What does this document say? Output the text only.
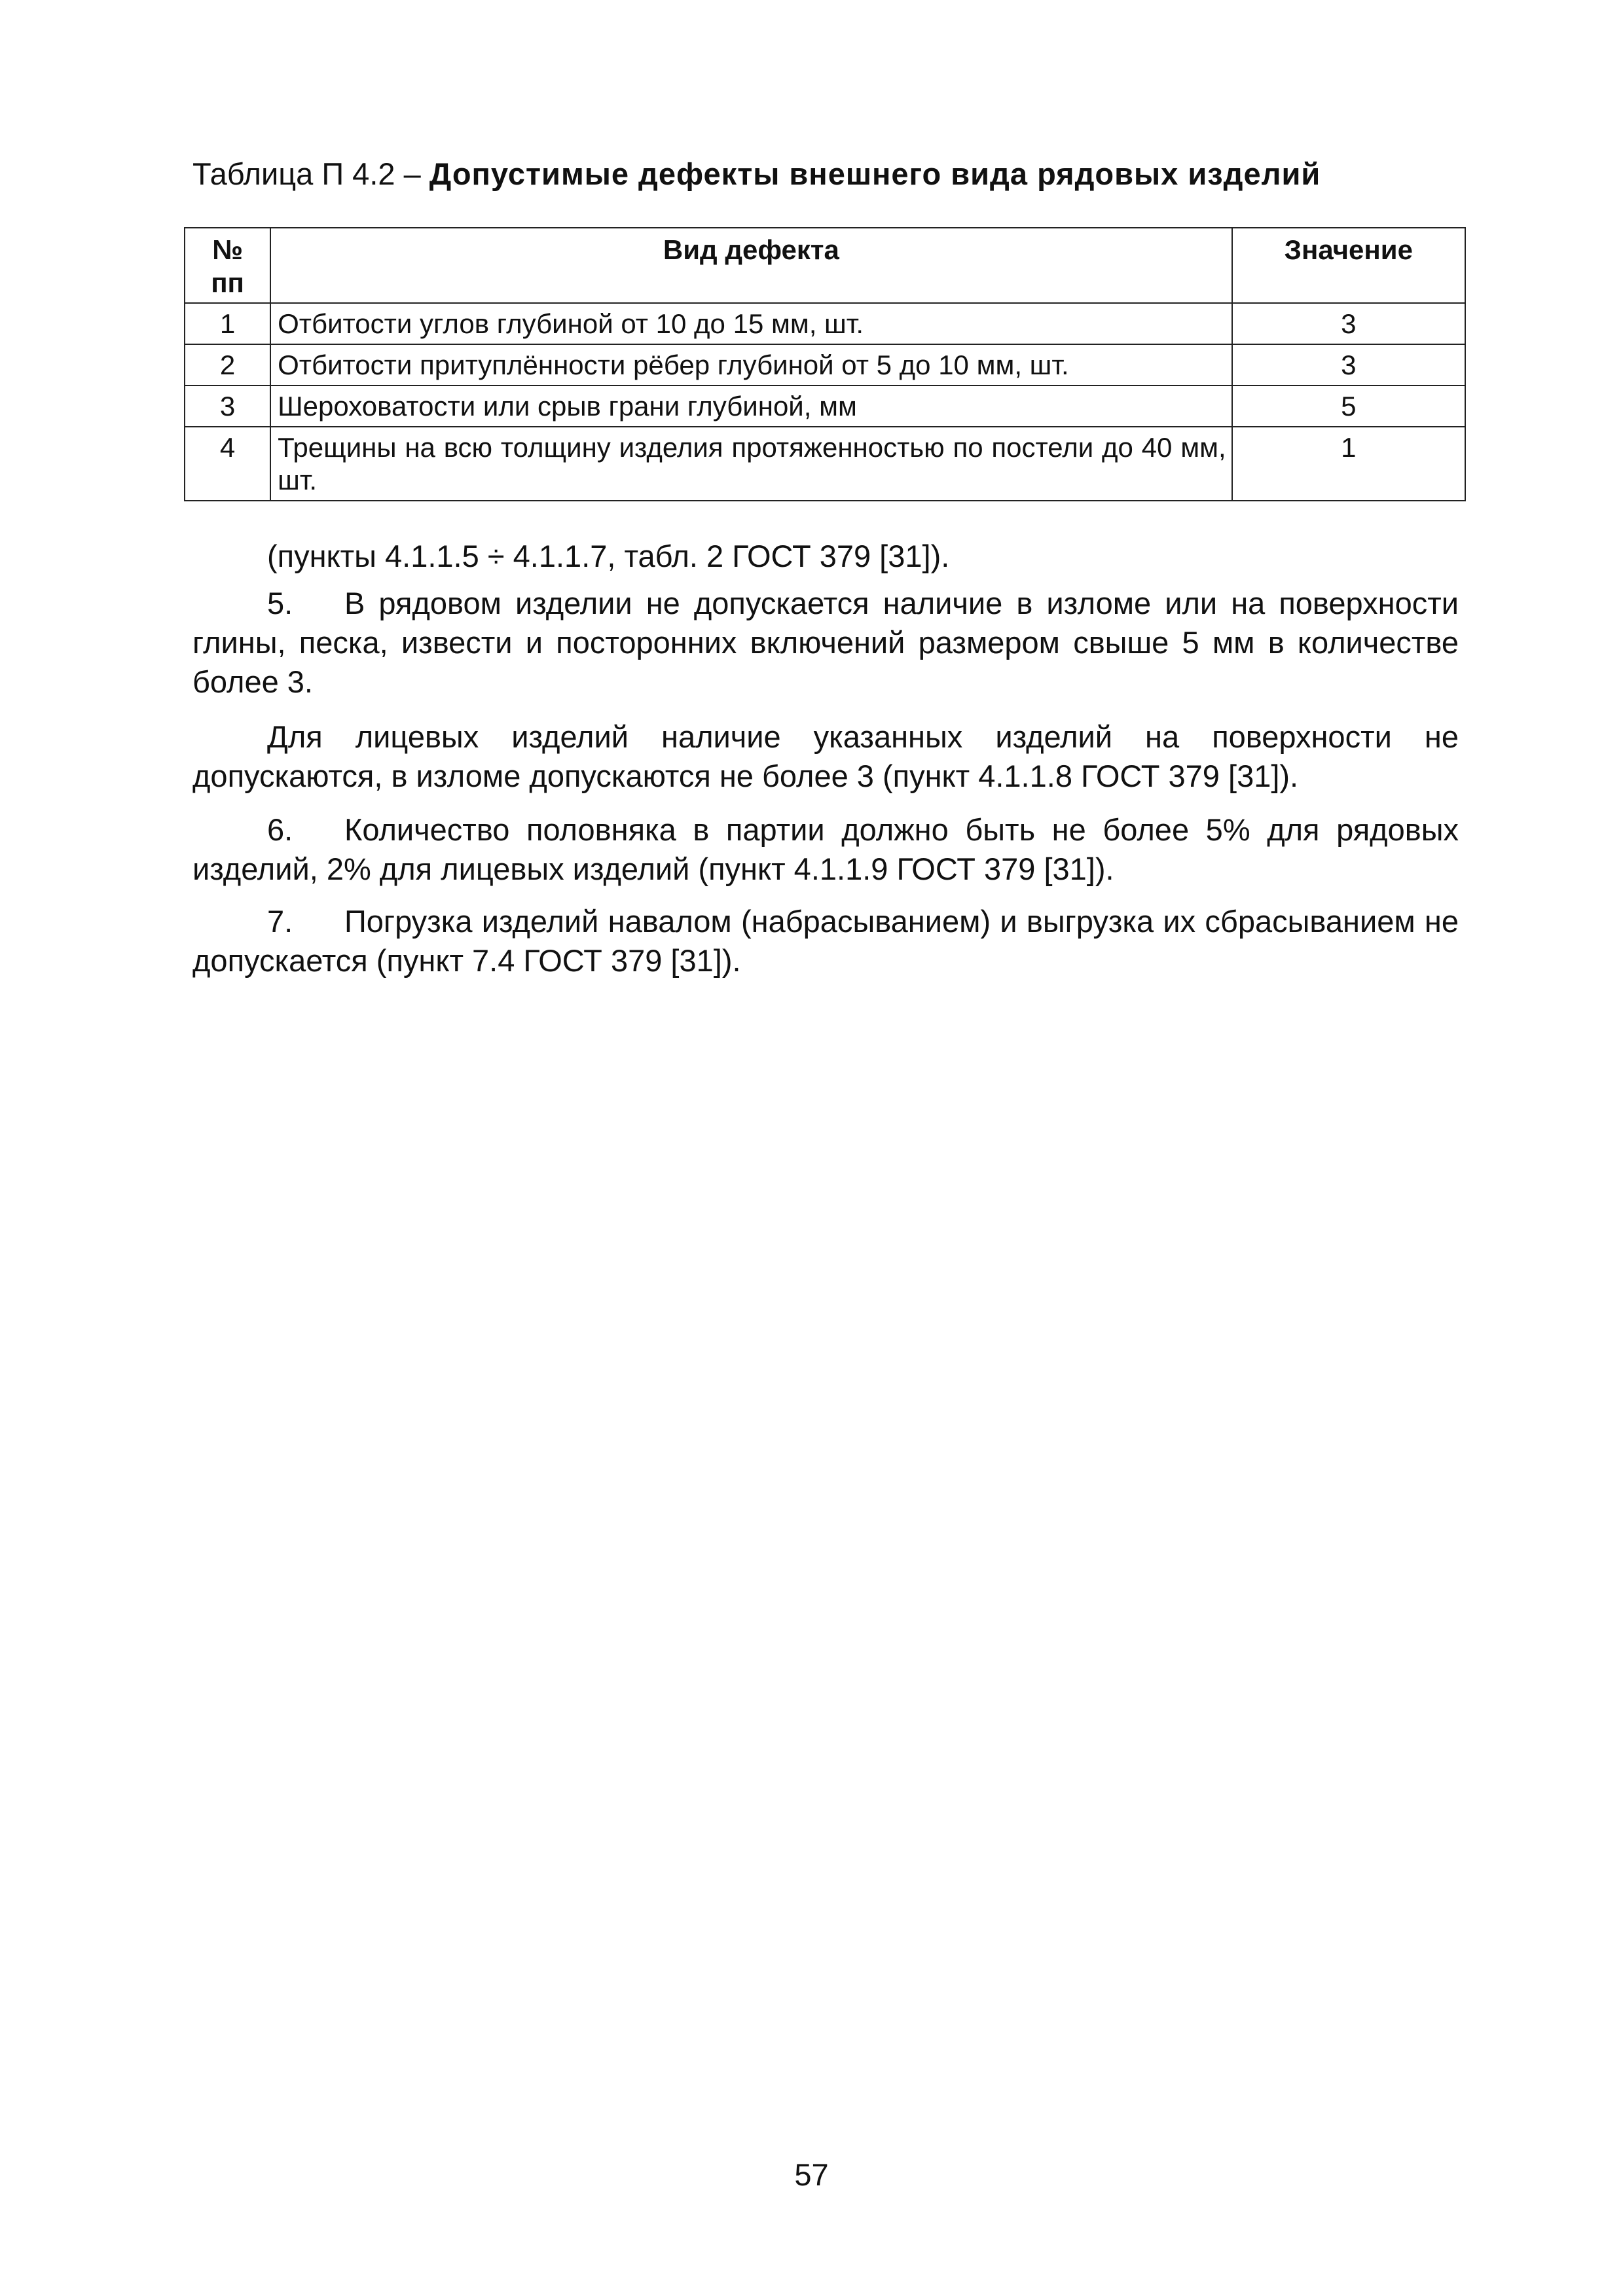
Таблица П 4.2 – Допустимые дефекты внешнего вида рядовых изделий
№
пп	Вид дефекта	Значение
1	Отбитости углов глубиной от 10 до 15 мм, шт.	3
2	Отбитости притуплённости рёбер глубиной от 5 до 10 мм, шт.	3
3	Шероховатости или срыв грани глубиной, мм	5
4	Трещины на всю толщину изделия протяженностью по постели до 40 мм, шт.	1
(пункты 4.1.1.5 ÷ 4.1.1.7, табл. 2 ГОСТ 379 [31]).
5. В рядовом изделии не допускается наличие в изломе или на поверхности глины, песка, извести и посторонних включений размером свыше 5 мм в количестве более 3.
Для лицевых изделий наличие указанных изделий на поверхности не допускаются, в изломе допускаются не более 3 (пункт 4.1.1.8 ГОСТ 379 [31]).
6. Количество половняка в партии должно быть не более 5% для рядовых изделий, 2% для лицевых изделий (пункт 4.1.1.9 ГОСТ 379 [31]).
7. Погрузка изделий навалом (набрасыванием) и выгрузка их сбрасыванием не допускается (пункт 7.4 ГОСТ 379 [31]).
57
